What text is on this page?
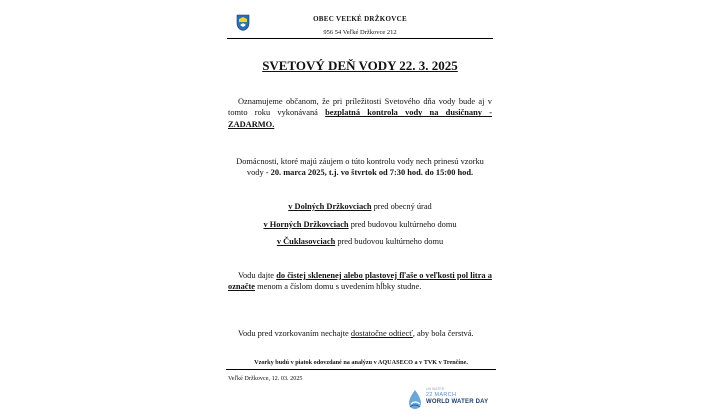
OBEC VEĽKÉ DRŽKOVCE
956 54 Veľké Držkovce 212
SVETOVÝ DEŇ VODY 22. 3. 2025
Oznamujeme občanom, že pri príležitosti Svetového dňa vody bude aj v tomto roku vykonávaná bezplatná kontrola vody na dusičnany - ZADARMO.
Domácnosti, ktoré majú záujem o túto kontrolu vody nech prinesú vzorku vody - 20. marca 2025, t.j. vo štvrtok od 7:30 hod. do 15:00 hod.
v Dolných Držkovciach pred obecný úrad
v Horných Držkovciach pred budovou kultúrneho domu
v Čuklasovciach pred budovou kultúrneho domu
Vodu dajte do čistej sklenenej alebo plastovej fľaše o veľkosti pol litra a označte menom a číslom domu s uvedením hĺbky studne.
Vodu pred vzorkovaním nechajte dostatočne odtiecť, aby bola čerstvá.
Vzorky budú v piatok odovzdané na analýzu v AQUASECO a v TVK v Trenčíne.
Veľké Držkovce, 12. 03. 2025
UN WATER
22 MARCH
WORLD WATER DAY
